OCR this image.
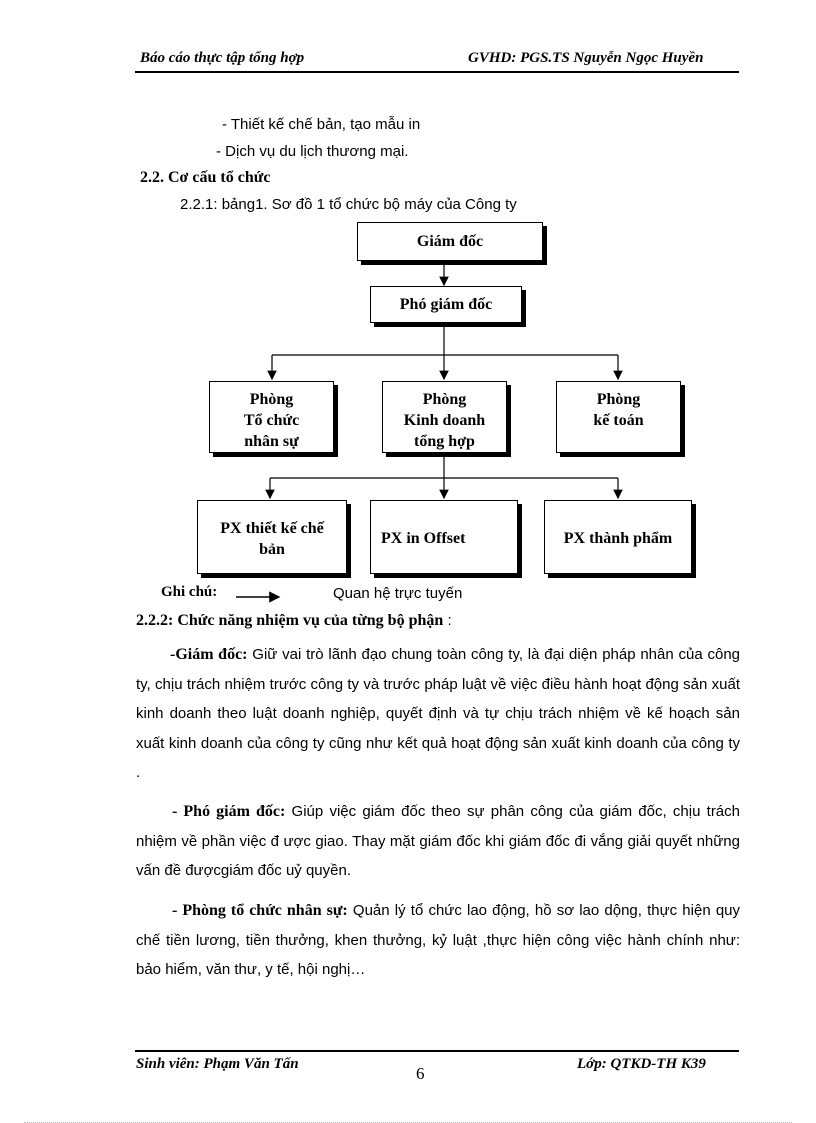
Báo cáo thực tập tổng hợp	GVHD: PGS.TS Nguyễn Ngọc Huyền
- Thiết kế chế bản, tạo mẫu in
- Dịch vụ du lịch thương mại.
2.2. Cơ cấu tổ chức
2.2.1: bảng1. Sơ đồ 1 tổ chức bộ máy của Công ty
Giám đốc
Phó giám đốc
Phòng
Tổ chức
nhân sự
Phòng
Kinh doanh
tổng hợp
Phòng
kế toán
PX thiết kế chế
bản
PX in Offset	PX thành phẩm
Ghi chú:	Quan hệ trực tuyến
2.2.2: Chức năng nhiệm vụ của từng bộ phận :
-Giám đốc: Giữ vai trò lãnh đạo chung toàn công ty, là đại diện pháp nhân của công ty, chịu trách nhiệm trước công ty và trước pháp luật về việc điều hành hoạt động sản xuất kinh doanh theo luật doanh nghiệp, quyết định và tự chịu trách nhiệm về kế hoạch sản xuất kinh doanh của công ty cũng như kết quả hoạt động sản xuất kinh doanh của công ty .
- Phó giám đốc: Giúp việc giám đốc theo sự phân công của giám đốc, chịu trách nhiệm về phần việc đ ược giao. Thay mặt giám đốc khi giám đốc đi vắng giải quyết những vấn đề đượcgiám đốc uỷ quyền.
- Phòng tổ chức nhân sự: Quản lý tổ chức lao động, hồ sơ lao dộng, thực hiện quy chế tiền lương, tiền thưởng, khen thưởng, kỷ luật ,thực hiện công việc hành chính như: bảo hiểm, văn thư, y tế, hội nghị…
Sinh viên: Phạm Văn Tấn	6	Lớp: QTKD-TH K39
